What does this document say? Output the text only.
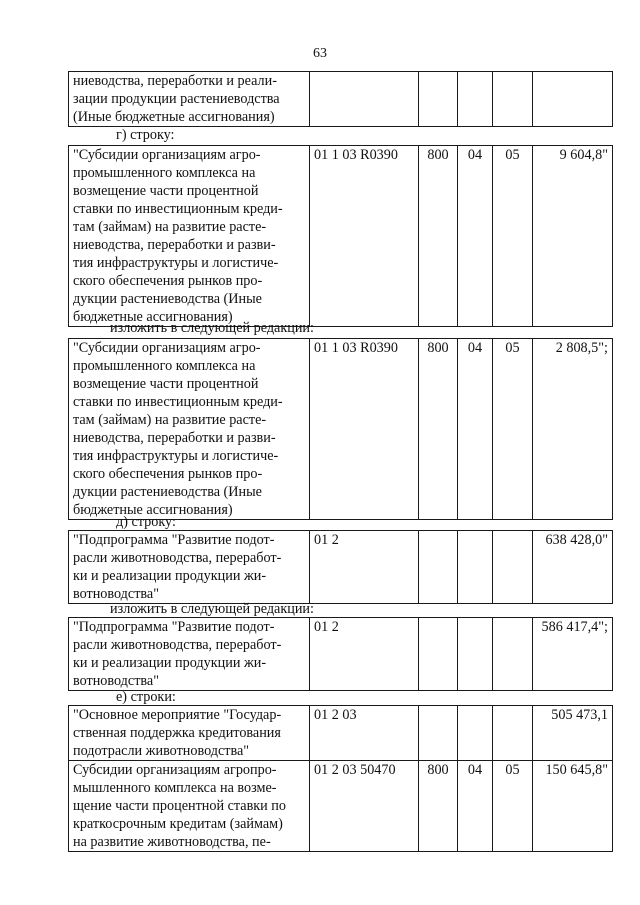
63
ниеводства, переработки и реали-
зации продукции растениеводства
(Иные бюджетные ассигнования)					
г) строку:
"Субсидии организациям агро-
промышленного комплекса на
возмещение части процентной
ставки по инвестиционным креди-
там (займам) на развитие расте-
ниеводства, переработки и разви-
тия инфраструктуры и логистиче-
ского обеспечения рынков про-
дукции растениеводства (Иные
бюджетные ассигнования)	01 1 03 R0390	800	04	05	9 604,8"
изложить в следующей редакции:
"Субсидии организациям агро-
промышленного комплекса на
возмещение части процентной
ставки по инвестиционным креди-
там (займам) на развитие расте-
ниеводства, переработки и разви-
тия инфраструктуры и логистиче-
ского обеспечения рынков про-
дукции растениеводства (Иные
бюджетные ассигнования)	01 1 03 R0390	800	04	05	2 808,5";
д) строку:
"Подпрограмма "Развитие подот-
расли животноводства, переработ-
ки и реализации продукции жи-
вотноводства"	01 2				638 428,0"
изложить в следующей редакции:
"Подпрограмма "Развитие подот-
расли животноводства, переработ-
ки и реализации продукции жи-
вотноводства"	01 2				586 417,4";
е) строки:
"Основное мероприятие "Государ-
ственная поддержка кредитования
подотрасли животноводства"	01 2 03				505 473,1
Субсидии организациям агропро-
мышленного комплекса на возме-
щение части процентной ставки по
краткосрочным кредитам (займам)
на развитие животноводства, пе-	01 2 03 50470	800	04	05	150 645,8"
